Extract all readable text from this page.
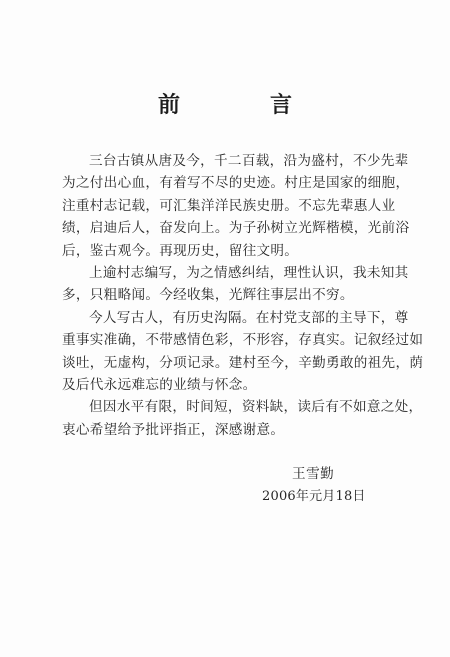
前　言

三台古镇从唐及今，千二百载，沿为盛村，不少先辈
为之付出心血，有着写不尽的史迹。村庄是国家的细胞，
注重村志记载，可汇集洋洋民族史册。不忘先辈惠人业
绩，启迪后人，奋发向上。为子孙树立光辉楷模，光前浴
后，鉴古观今。再现历史，留往文明。

上逾村志编写，为之情感纠结，理性认识，我未知其
多，只粗略闻。今经收集，光辉往事层出不穷。

今人写古人，有历史沟隔。在村党支部的主导下，尊
重事实准确，不带感情色彩，不形容，存真实。记叙经过如
谈吐，无虚构，分项记录。建村至今，辛勤勇敢的祖先，荫
及后代永远难忘的业绩与怀念。

但因水平有限，时间短，资料缺，读后有不如意之处，
衷心希望给予批评指正，深感谢意。

王雪勤
2006年元月18日
